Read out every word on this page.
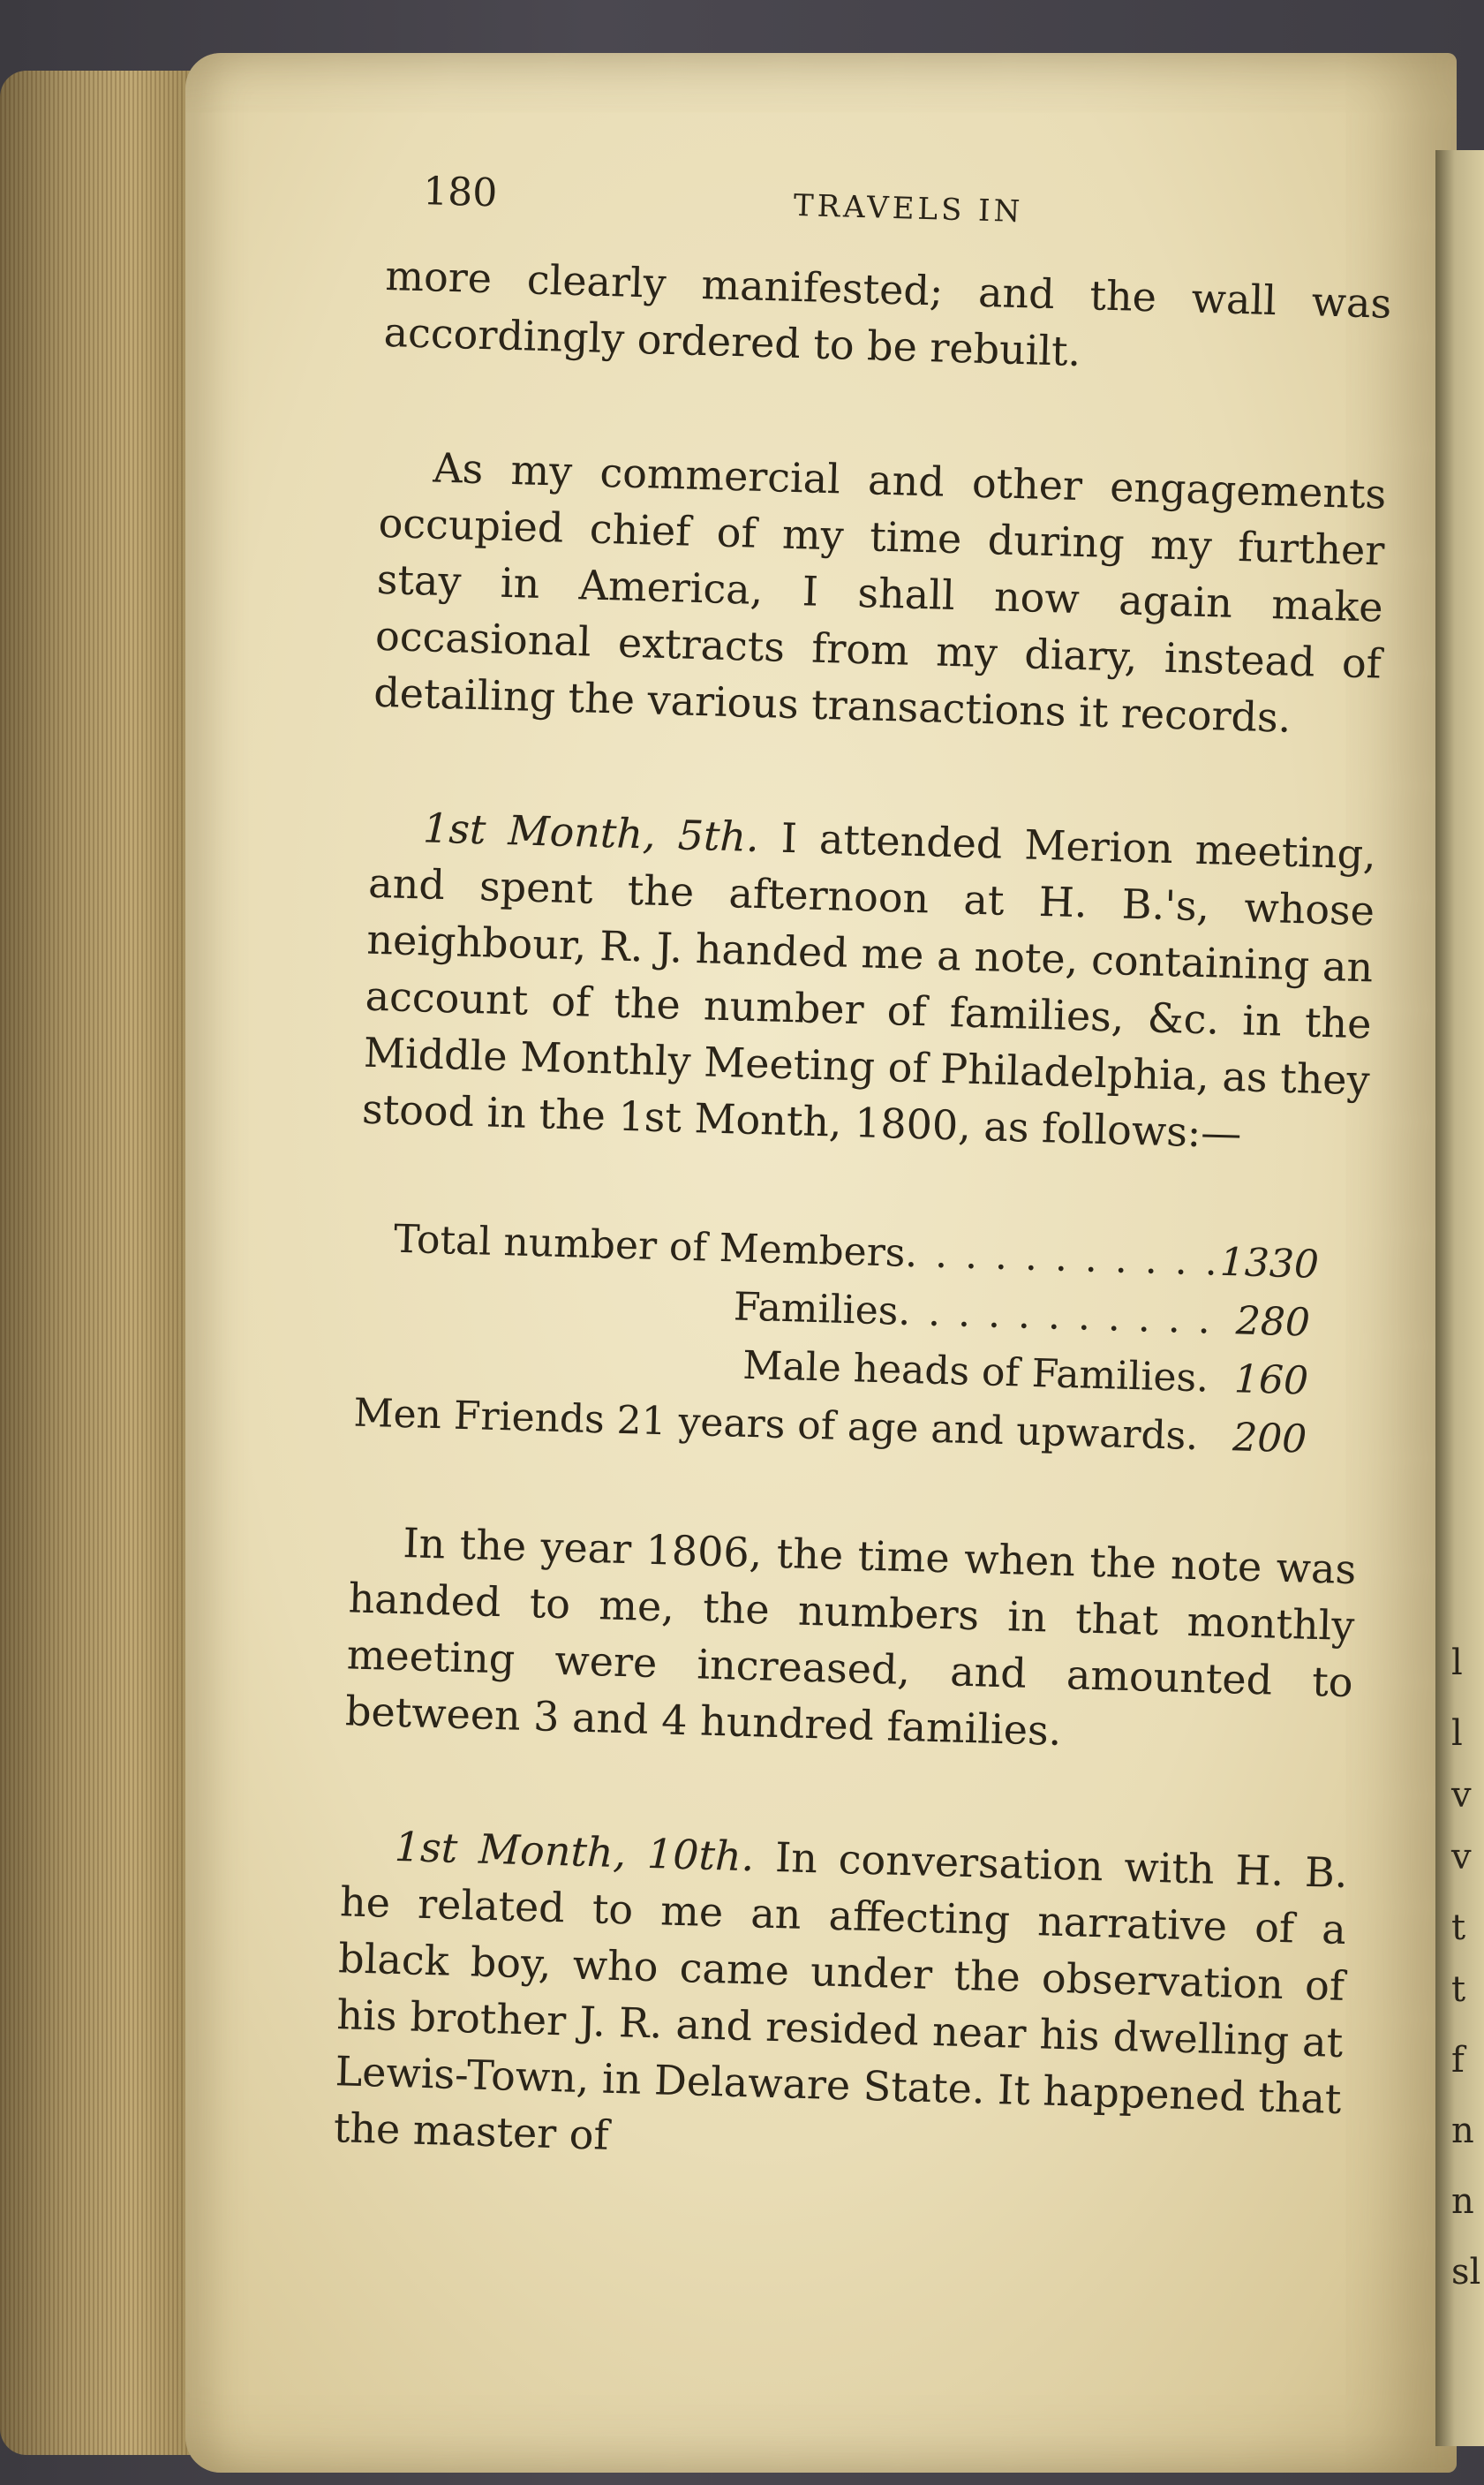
l
l
v
v
t
t
f
n
n
sl
180	TRAVELS IN

more clearly manifested; and the wall was accordingly ordered to be rebuilt.

As my commercial and other engagements occupied chief of my time during my further stay in America, I shall now again make occasional extracts from my diary, instead of detailing the various transactions it records.

1st Month, 5th. I attended Merion meeting, and spent the afternoon at H. B.'s, whose neighbour, R. J. handed me a note, containing an account of the number of families, &c. in the Middle Monthly Meeting of Philadelphia, as they stood in the 1st Month, 1800, as follows:—

Total number of Members
. . . . . . . . . . .
1330
Families
. . . . . . . . . . . 280
Male heads of Families
. 160
Men Friends 21 years of age and upwards
. 200

In the year 1806, the time when the note was handed to me, the numbers in that monthly meeting were increased, and amounted to between 3 and 4 hundred families.

1st Month, 10th. In conversation with H. B. he related to me an affecting narrative of a black boy, who came under the observation of his brother J. R. and resided near his dwelling at Lewis-Town, in Delaware State. It happened that the master of
